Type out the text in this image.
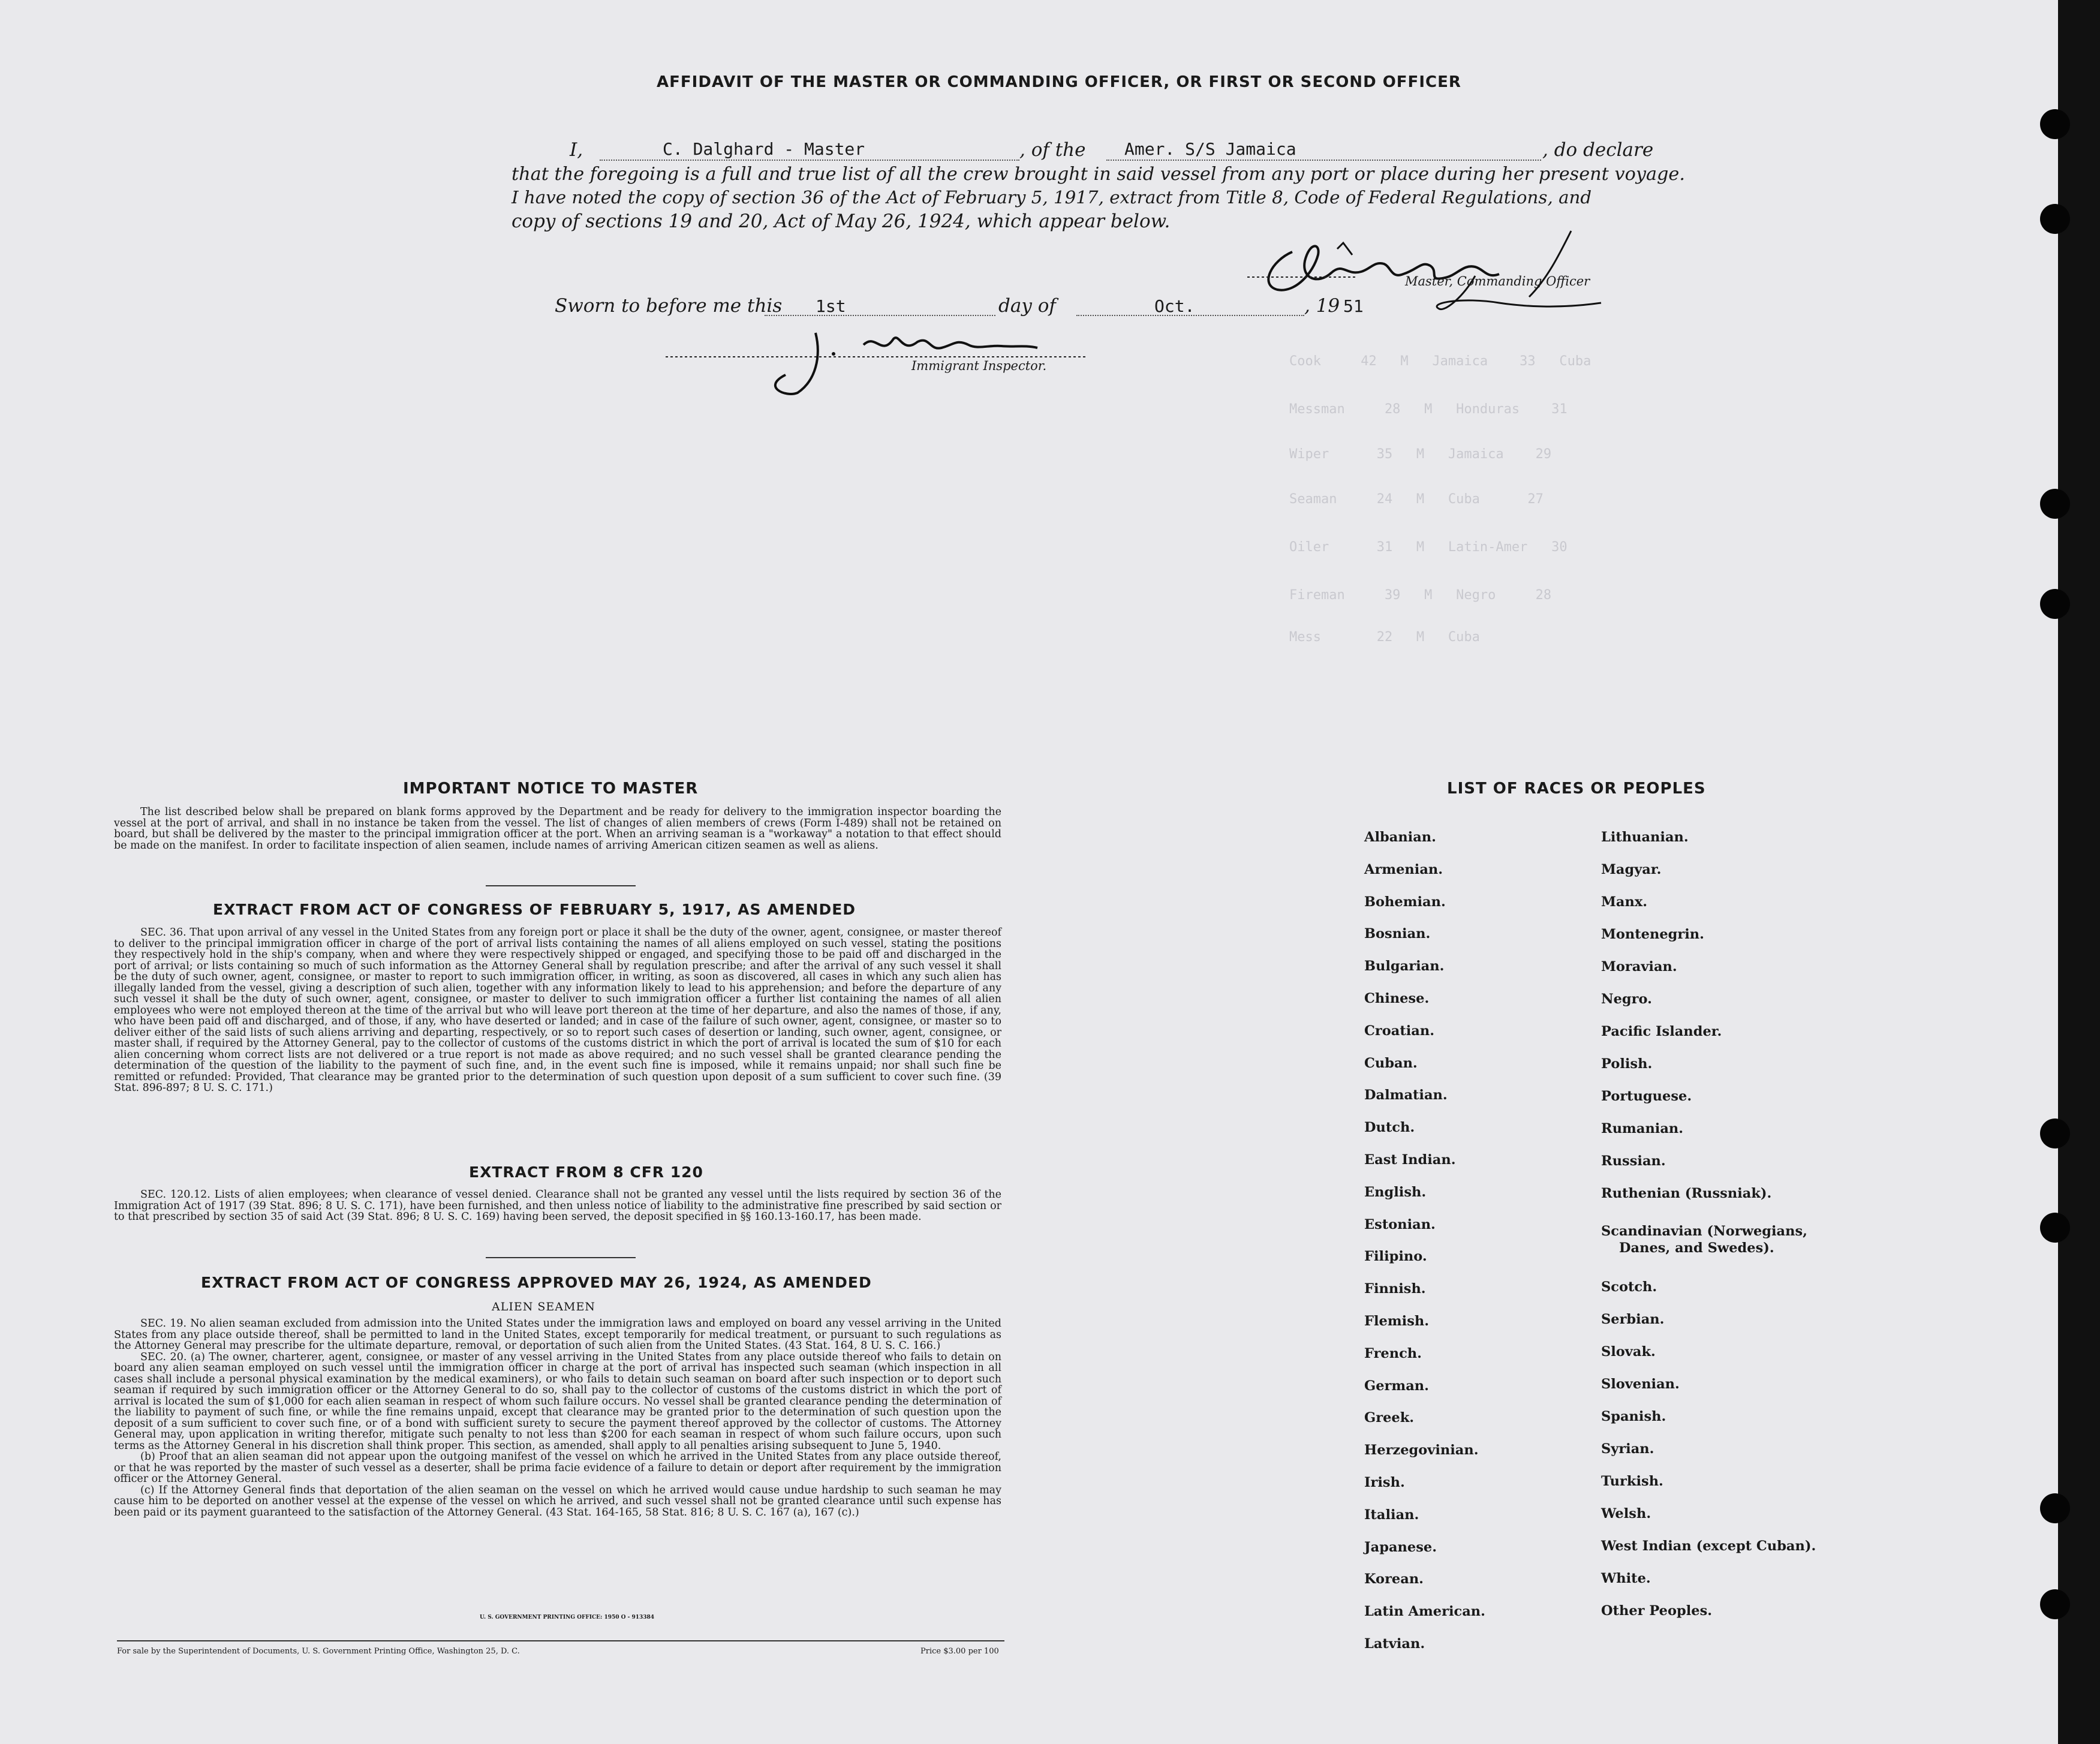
Cook     42   M   Jamaica    33   Cuba
Messman     28   M   Honduras    31
Wiper      35   M   Jamaica    29
Seaman     24   M   Cuba      27
Oiler      31   M   Latin-Amer   30
Fireman     39   M   Negro     28
Mess       22   M   Cuba
AFFIDAVIT OF THE MASTER OR COMMANDING OFFICER, OR FIRST OR SECOND OFFICER
I,	C. Dalghard - Master	, of the Amer. S/S Jamaica	, do declare
that the foregoing is a full and true list of all the crew brought in said vessel from any port or place during her present voyage.
I have noted the copy of section 36 of the Act of February 5, 1917, extract from Title 8, Code of Federal Regulations, and
copy of sections 19 and 20, Act of May 26, 1924, which appear below.
Master, Commanding Officer
Sworn to before me this 1st	day of	Oct.	, 19 51
Immigrant Inspector.
IMPORTANT NOTICE TO MASTER

The list described below shall be prepared on blank forms approved by the Department and be ready for delivery to the immigration inspector boarding the vessel at the port of arrival, and shall in no instance be taken from the vessel. The list of changes of alien members of crews (Form I-489) shall not be retained on board, but shall be delivered by the master to the principal immigration officer at the port. When an arriving seaman is a "workaway" a notation to that effect should be made on the manifest. In order to facilitate inspection of alien seamen, include names of arriving American citizen seamen as well as aliens.

EXTRACT FROM ACT OF CONGRESS OF FEBRUARY 5, 1917, AS AMENDED

SEC. 36. That upon arrival of any vessel in the United States from any foreign port or place it shall be the duty of the owner, agent, consignee, or master thereof to deliver to the principal immigration officer in charge of the port of arrival lists containing the names of all aliens employed on such vessel, stating the positions they respectively hold in the ship's company, when and where they were respectively shipped or engaged, and specifying those to be paid off and discharged in the port of arrival; or lists containing so much of such information as the Attorney General shall by regulation prescribe; and after the arrival of any such vessel it shall be the duty of such owner, agent, consignee, or master to report to such immigration officer, in writing, as soon as discovered, all cases in which any such alien has illegally landed from the vessel, giving a description of such alien, together with any information likely to lead to his apprehension; and before the departure of any such vessel it shall be the duty of such owner, agent, consignee, or master to deliver to such immigration officer a further list containing the names of all alien employees who were not employed thereon at the time of the arrival but who will leave port thereon at the time of her departure, and also the names of those, if any, who have been paid off and discharged, and of those, if any, who have deserted or landed; and in case of the failure of such owner, agent, consignee, or master so to deliver either of the said lists of such aliens arriving and departing, respectively, or so to report such cases of desertion or landing, such owner, agent, consignee, or master shall, if required by the Attorney General, pay to the collector of customs of the customs district in which the port of arrival is located the sum of $10 for each alien concerning whom correct lists are not delivered or a true report is not made as above required; and no such vessel shall be granted clearance pending the determination of the question of the liability to the payment of such fine, and, in the event such fine is imposed, while it remains unpaid; nor shall such fine be remitted or refunded: Provided, That clearance may be granted prior to the determination of such question upon deposit of a sum sufficient to cover such fine. (39 Stat. 896-897; 8 U. S. C. 171.)

EXTRACT FROM 8 CFR 120

SEC. 120.12. Lists of alien employees; when clearance of vessel denied. Clearance shall not be granted any vessel until the lists required by section 36 of the Immigration Act of 1917 (39 Stat. 896; 8 U. S. C. 171), have been furnished, and then unless notice of liability to the administrative fine prescribed by said section or to that prescribed by section 35 of said Act (39 Stat. 896; 8 U. S. C. 169) having been served, the deposit specified in §§ 160.13-160.17, has been made.

EXTRACT FROM ACT OF CONGRESS APPROVED MAY 26, 1924, AS AMENDED
ALIEN SEAMEN

SEC. 19. No alien seaman excluded from admission into the United States under the immigration laws and employed on board any vessel arriving in the United States from any place outside thereof, shall be permitted to land in the United States, except temporarily for medical treatment, or pursuant to such regulations as the Attorney General may prescribe for the ultimate departure, removal, or deportation of such alien from the United States. (43 Stat. 164, 8 U. S. C. 166.)

SEC. 20. (a) The owner, charterer, agent, consignee, or master of any vessel arriving in the United States from any place outside thereof who fails to detain on board any alien seaman employed on such vessel until the immigration officer in charge at the port of arrival has inspected such seaman (which inspection in all cases shall include a personal physical examination by the medical examiners), or who fails to detain such seaman on board after such inspection or to deport such seaman if required by such immigration officer or the Attorney General to do so, shall pay to the collector of customs of the customs district in which the port of arrival is located the sum of $1,000 for each alien seaman in respect of whom such failure occurs. No vessel shall be granted clearance pending the determination of the liability to payment of such fine, or while the fine remains unpaid, except that clearance may be granted prior to the determination of such question upon the deposit of a sum sufficient to cover such fine, or of a bond with sufficient surety to secure the payment thereof approved by the collector of customs. The Attorney General may, upon application in writing therefor, mitigate such penalty to not less than $200 for each seaman in respect of whom such failure occurs, upon such terms as the Attorney General in his discretion shall think proper. This section, as amended, shall apply to all penalties arising subsequent to June 5, 1940.

(b) Proof that an alien seaman did not appear upon the outgoing manifest of the vessel on which he arrived in the United States from any place outside thereof, or that he was reported by the master of such vessel as a deserter, shall be prima facie evidence of a failure to detain or deport after requirement by the immigration officer or the Attorney General.

(c) If the Attorney General finds that deportation of the alien seaman on the vessel on which he arrived would cause undue hardship to such seaman he may cause him to be deported on another vessel at the expense of the vessel on which he arrived, and such vessel shall not be granted clearance until such expense has been paid or its payment guaranteed to the satisfaction of the Attorney General. (43 Stat. 164-165, 58 Stat. 816; 8 U. S. C. 167 (a), 167 (c).)

U. S. GOVERNMENT PRINTING OFFICE: 1950 O - 913384
For sale by the Superintendent of Documents, U. S. Government Printing Office, Washington 25, D. C.	Price $3.00 per 100
LIST OF RACES OR PEOPLES
Albanian.
Armenian.
Bohemian.
Bosnian.
Bulgarian.
Chinese.
Croatian.
Cuban.
Dalmatian.
Dutch.
East Indian.
English.
Estonian.
Filipino.
Finnish.
Flemish.
French.
German.
Greek.
Herzegovinian.
Irish.
Italian.
Japanese.
Korean.
Latin American.
Latvian.
Lithuanian.
Magyar.
Manx.
Montenegrin.
Moravian.
Negro.
Pacific Islander.
Polish.
Portuguese.
Rumanian.
Russian.
Ruthenian (Russniak).
Scandinavian (Norwegians,
Danes, and Swedes).
Scotch.
Serbian.
Slovak.
Slovenian.
Spanish.
Syrian.
Turkish.
Welsh.
West Indian (except Cuban).
White.
Other Peoples.
